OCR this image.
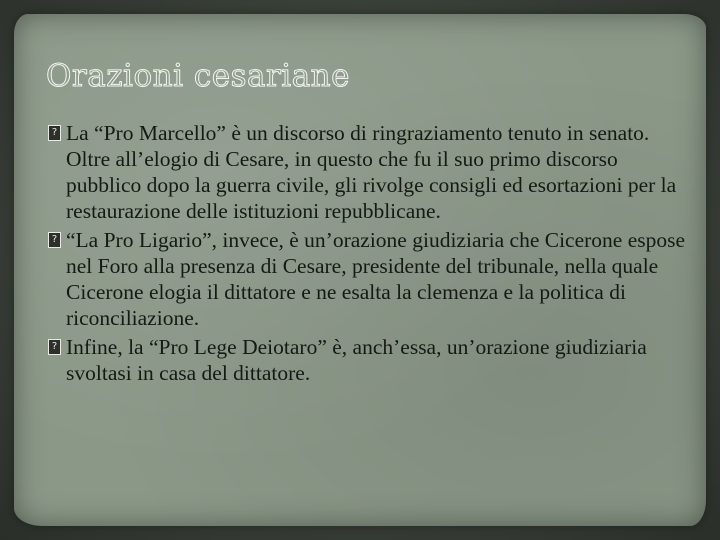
Orazioni cesariane
? La “Pro Marcello” è un discorso di ringraziamento tenuto in senato. Oltre all’elogio di Cesare, in questo che fu il suo primo discorso pubblico dopo la guerra civile, gli rivolge consigli ed esortazioni per la restaurazione delle istituzioni repubblicane.
? “La Pro Ligario”, invece, è un’orazione giudiziaria che Cicerone espose nel Foro alla presenza di Cesare, presidente del tribunale, nella quale Cicerone elogia il dittatore e ne esalta la clemenza e la politica di riconciliazione.
? Infine, la “Pro Lege Deiotaro” è, anch’essa, un’orazione giudiziaria svoltasi in casa del dittatore.
